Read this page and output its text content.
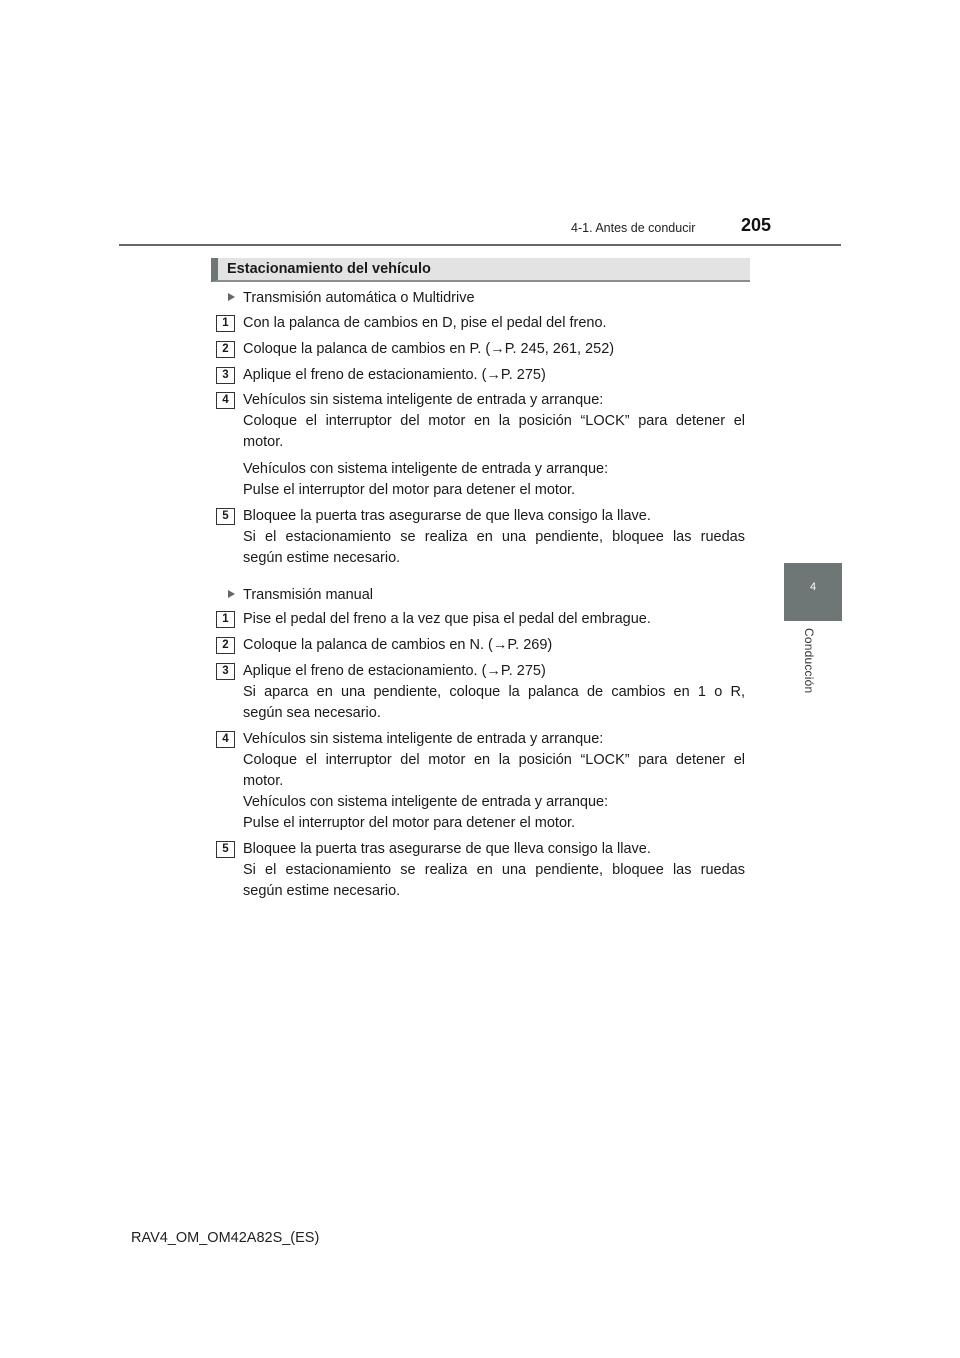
4-1. Antes de conducir	205
4
Conducción
Estacionamiento del vehículo
Transmisión automática o Multidrive
1 Con la palanca de cambios en D, pise el pedal del freno.
2 Coloque la palanca de cambios en P. (→P. 245, 261, 252)
3 Aplique el freno de estacionamiento. (→P. 275)
4 Vehículos sin sistema inteligente de entrada y arranque:
Coloque el interruptor del motor en la posición “LOCK” para detener el
motor.
Vehículos con sistema inteligente de entrada y arranque:
Pulse el interruptor del motor para detener el motor.
5 Bloquee la puerta tras asegurarse de que lleva consigo la llave.
Si el estacionamiento se realiza en una pendiente, bloquee las ruedas
según estime necesario.
Transmisión manual
1 Pise el pedal del freno a la vez que pisa el pedal del embrague.
2 Coloque la palanca de cambios en N. (→P. 269)
3 Aplique el freno de estacionamiento. (→P. 275)
Si aparca en una pendiente, coloque la palanca de cambios en 1 o R,
según sea necesario.
4 Vehículos sin sistema inteligente de entrada y arranque:
Coloque el interruptor del motor en la posición “LOCK” para detener el
motor.
Vehículos con sistema inteligente de entrada y arranque:
Pulse el interruptor del motor para detener el motor.
5 Bloquee la puerta tras asegurarse de que lleva consigo la llave.
Si el estacionamiento se realiza en una pendiente, bloquee las ruedas
según estime necesario.
RAV4_OM_OM42A82S_(ES)
